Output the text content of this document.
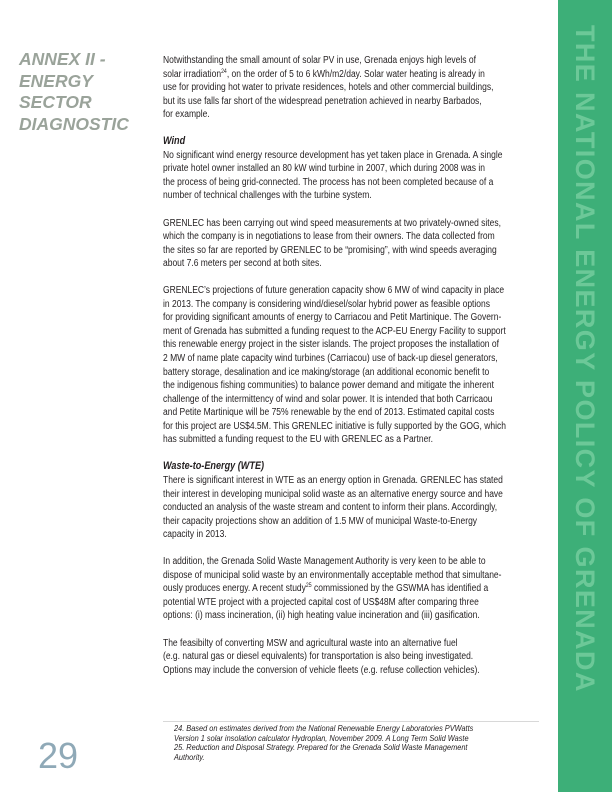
THE NATIONAL ENERGY POLICY OF GRENADA
ANNEX II -
ENERGY
SECTOR
DIAGNOSTIC
Notwithstanding the small amount of solar PV in use, Grenada enjoys high levels of
solar irradiation$^{24}$, on the order of 5 to 6 kWh/m2/day. Solar water heating is already in
use for providing hot water to private residences, hotels and other commercial buildings,
but its use falls far short of the widespread penetration achieved in nearby Barbados,
for example.
Wind
No significant wind energy resource development has yet taken place in Grenada. A single
private hotel owner installed an 80 kW wind turbine in 2007, which during 2008 was in
the process of being grid-connected. The process has not been completed because of a
number of technical challenges with the turbine system.
GRENLEC has been carrying out wind speed measurements at two privately-owned sites,
which the company is in negotiations to lease from their owners. The data collected from
the sites so far are reported by GRENLEC to be “promising”, with wind speeds averaging
about 7.6 meters per second at both sites.
GRENLEC’s projections of future generation capacity show 6 MW of wind capacity in place
in 2013. The company is considering wind/diesel/solar hybrid power as feasible options
for providing significant amounts of energy to Carriacou and Petit Martinique. The Govern-
ment of Grenada has submitted a funding request to the ACP-EU Energy Facility to support
this renewable energy project in the sister islands. The project proposes the installation of
2 MW of name plate capacity wind turbines (Carriacou) use of back-up diesel generators,
battery storage, desalination and ice making/storage (an additional economic benefit to
the indigenous fishing communities) to balance power demand and mitigate the inherent
challenge of the intermittency of wind and solar power. It is intended that both Carricaou
and Petite Martinique will be 75% renewable by the end of 2013. Estimated capital costs
for this project are US$4.5M. This GRENLEC initiative is fully supported by the GOG, which
has submitted a funding request to the EU with GRENLEC as a Partner.
Waste-to-Energy (WTE)
There is significant interest in WTE as an energy option in Grenada. GRENLEC has stated
their interest in developing municipal solid waste as an alternative energy source and have
conducted an analysis of the waste stream and content to inform their plans. Accordingly,
their capacity projections show an addition of 1.5 MW of municipal Waste-to-Energy
capacity in 2013.
In addition, the Grenada Solid Waste Management Authority is very keen to be able to
dispose of municipal solid waste by an environmentally acceptable method that simultane-
ously produces energy. A recent study$^{25}$ commissioned by the GSWMA has identified a
potential WTE project with a projected capital cost of US$48M after comparing three
options: (i) mass incineration, (ii) high heating value incineration and (iii) gasification.
The feasibilty of converting MSW and agricultural waste into an alternative fuel
(e.g. natural gas or diesel equivalents) for transportation is also being investigated.
Options may include the conversion of vehicle fleets (e.g. refuse collection vehicles).
24. Based on estimates derived from the National Renewable Energy Laboratories PVWatts
Version 1 solar insolation calculator Hydroplan, November 2009. A Long Term Solid Waste
25. Reduction and Disposal Strategy. Prepared for the Grenada Solid Waste Management
Authority.
29
